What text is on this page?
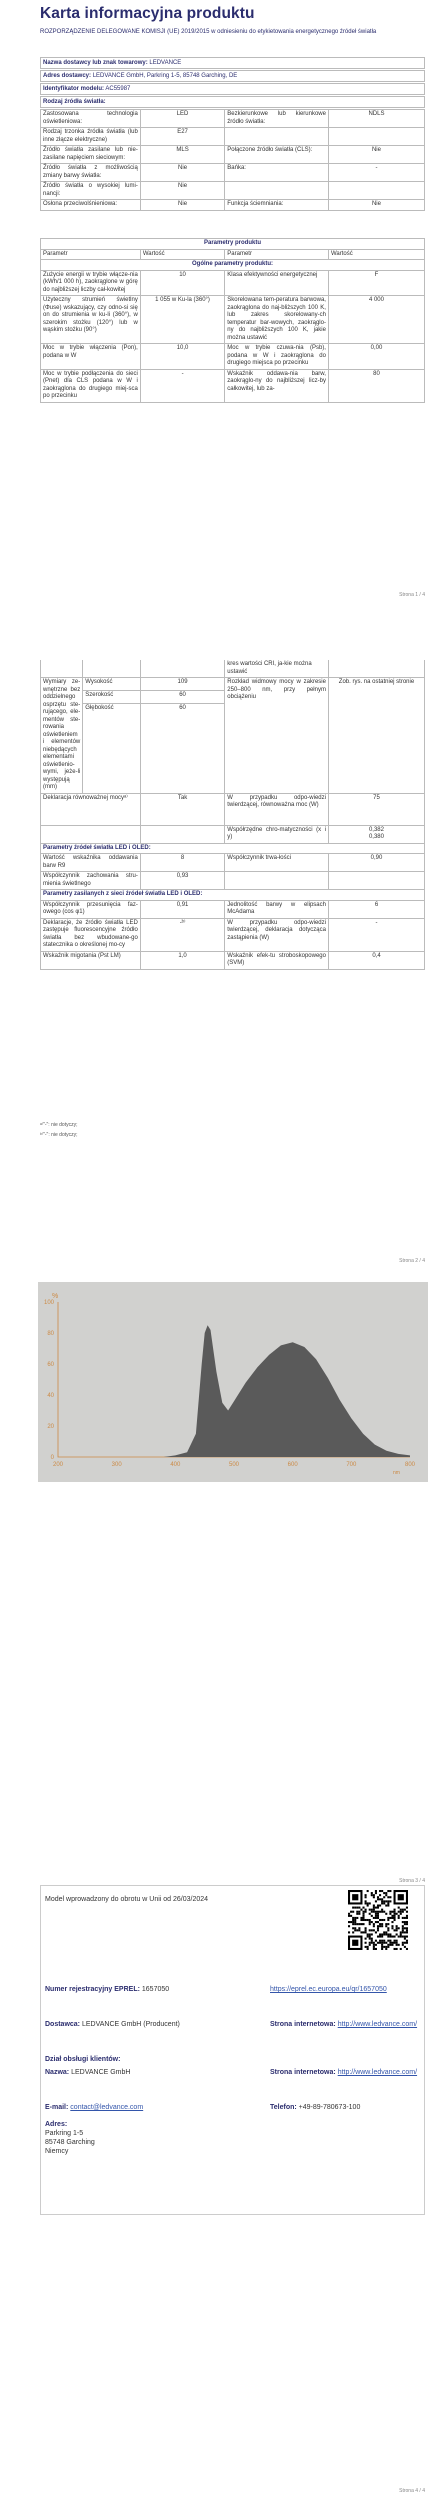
Karta informacyjna produktu
ROZPORZĄDZENIE DELEGOWANE KOMISJI (UE) 2019/2015 w odniesieniu do etykietowania energetycznego źródeł światła
Nazwa dostawcy lub znak towarowy: LEDVANCE
Adres dostawcy: LEDVANCE GmbH, Parkring 1-5, 85748 Garching, DE
Identyfikator modelu: AC55987
Rodzaj źródła światła:
Zastosowana technologia oświetleniowa:	LED	Bezkierunkowe lub kierunkowe źródło światła:	NDLS
Rodzaj trzonka źródła światła (lub inne złącze elektryczne)	E27		
Źródło światła zasilane lub nie-zasilane napięciem sieciowym:	MLS	Połączone źródło światła (CLS):	Nie
Źródło światła z możliwością zmiany barwy światła:	Nie	Bańka:	-
Źródło światła o wysokiej lumi-nancji:	Nie		
Osłona przeciwolśnieniowa:	Nie	Funkcja ściemniania:	Nie
Parametry produktu			
Parametr	Wartość	Parametr	Wartość
Ogólne parametry produktu:			
Zużycie energii w trybie włącze-nia (kWh/1 000 h), zaokrąglone w górę do najbliższej liczby cał-kowitej	10	Klasa efektywności energetycznej	F
Użyteczny strumień świetlny (Φuse) wskazujący, czy odno-si się on do strumienia w ku-li (360°), w szerokim stożku (120°) lub w wąskim stożku (90°)	1 055 w Ku-la (360°)	Skorelowana tem-peratura barwowa, zaokrąglona do naj-bliższych 100 K, lub zakres skorelowany-ch temperatur bar-wowych, zaokrąglo-ny do najbliższych 100 K, jakie można ustawić	4 000
Moc w trybie włączenia (Pon), podana w W	10,0	Moc w trybie czuwa-nia (Psb), podana w W i zaokrąglona do drugiego miejsca po przecinku	0,00
Moc w trybie podłączenia do sieci (Pnet) dla CLS podana w W i zaokrąglona do drugiego miej-sca po przecinku	-	Wskaźnik oddawa-nia barw, zaokrąglo-ny do najbliższej licz-by całkowitej, lub za-	80
Strona 1 / 4
			kres wartości CRI, ja-kie można ustawić	
Wymiary ze-wnętrzne bez oddzielnego osprzętu ste-rującego, ele-mentów ste-rowania oświetleniem i elementów niebędących elementami oświetlenio-wymi, jeże-li występują (mm)	Wysokość	109	Rozkład widmowy mocy w zakresie 250–800 nm, przy pełnym obciążeniu	Zob. rys. na ostatniej stronie
	Szerokość	60		
	Głębokość	60		
Deklaracja równoważnej mocyᵃ⁾		Tak	W przypadku odpo-wiedzi twierdzącej, równoważna moc (W)	75
			Współrzędne chro-matyczności (x i y)	0,382
0,380
Parametry źródeł światła LED i OLED:				
Wartość wskaźnika oddawania barw R9		8	Współczynnik trwa-łości	0,90
Współczynnik zachowania stru-mienia świetlnego		0,93		
Parametry zasilanych z sieci źródeł światła LED i OLED:				
Współczynnik przesunięcia faz-owego (cos φ1)		0,91	Jednolitość barwy w elipsach McAdama	6
Deklaracje, że źródło światła LED zastępuje fluorescencyjne źródło światła bez wbudowane-go statecznika o określonej mo-cy		-ᵇ⁾	W przypadku odpo-wiedzi twierdzącej, deklaracja dotycząca zastąpienia (W)	-
Wskaźnik migotania (Pst LM)		1,0	Wskaźnik efek-tu stroboskopowego (SVM)	0,4
ᵃ⁾"-": nie dotyczy;
ᵇ⁾"-": nie dotyczy;
Strona 2 / 4
0
20
40
60
80
100
200	300	400	500	600	700	800
%
nm
Strona 3 / 4
Model wprowadzony do obrotu w Unii od 26/03/2024
Numer rejestracyjny EPREL: 1657050	https://eprel.ec.europa.eu/qr/1657050
Dostawca: LEDVANCE GmbH (Producent)	Strona internetowa: http://www.ledvance.com/
Dział obsługi klientów:
Nazwa: LEDVANCE GmbH	Strona internetowa: http://www.ledvance.com/
E-mail: contact@ledvance.com	Telefon: +49-89-780673-100
Adres:
Parkring 1-5
85748 Garching
Niemcy
Strona 4 / 4
